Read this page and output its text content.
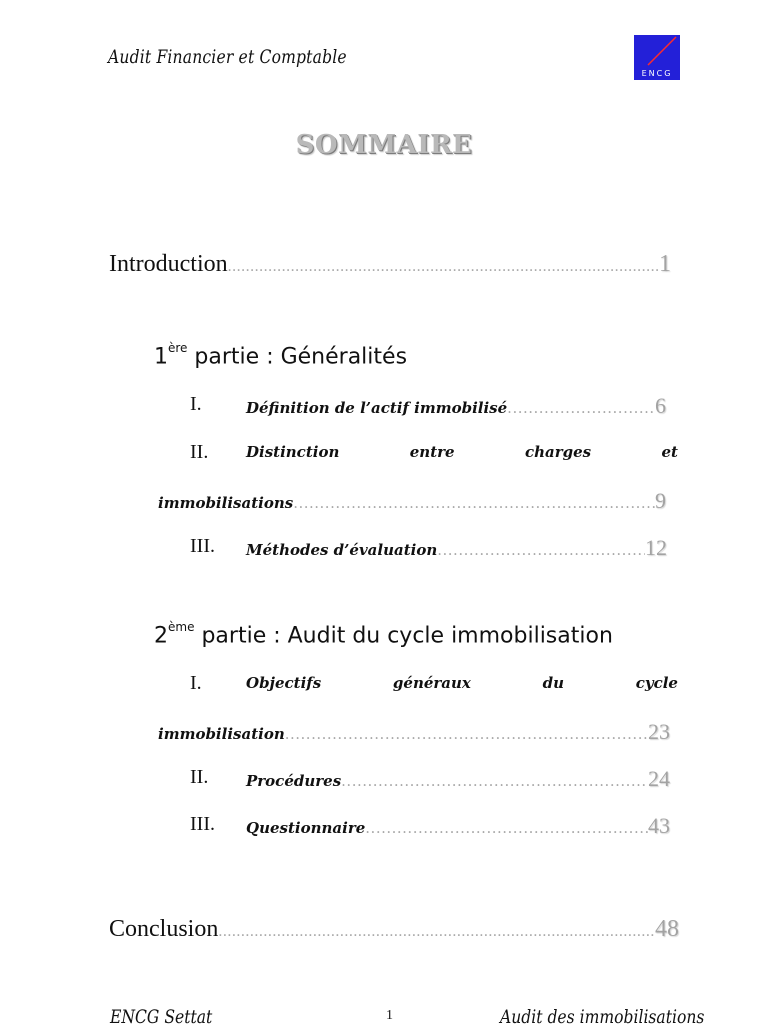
Audit Financier et Comptable
ENCG
SOMMAIRE
Introduction .....	1
1ère partie : Généralités
I.	Définition de l’actif immobilisé .....	6
II.	Distinction	entre	charges	et
immobilisations .....	9
III. Méthodes d’évaluation .....	12
2ème partie : Audit du cycle immobilisation
I.	Objectifs	généraux	du	cycle
immobilisation .....	23
II.	Procédures .....	24
III. Questionnaire .....	43
Conclusion .....	48
ENCG Settat	1	Audit des immobilisations
